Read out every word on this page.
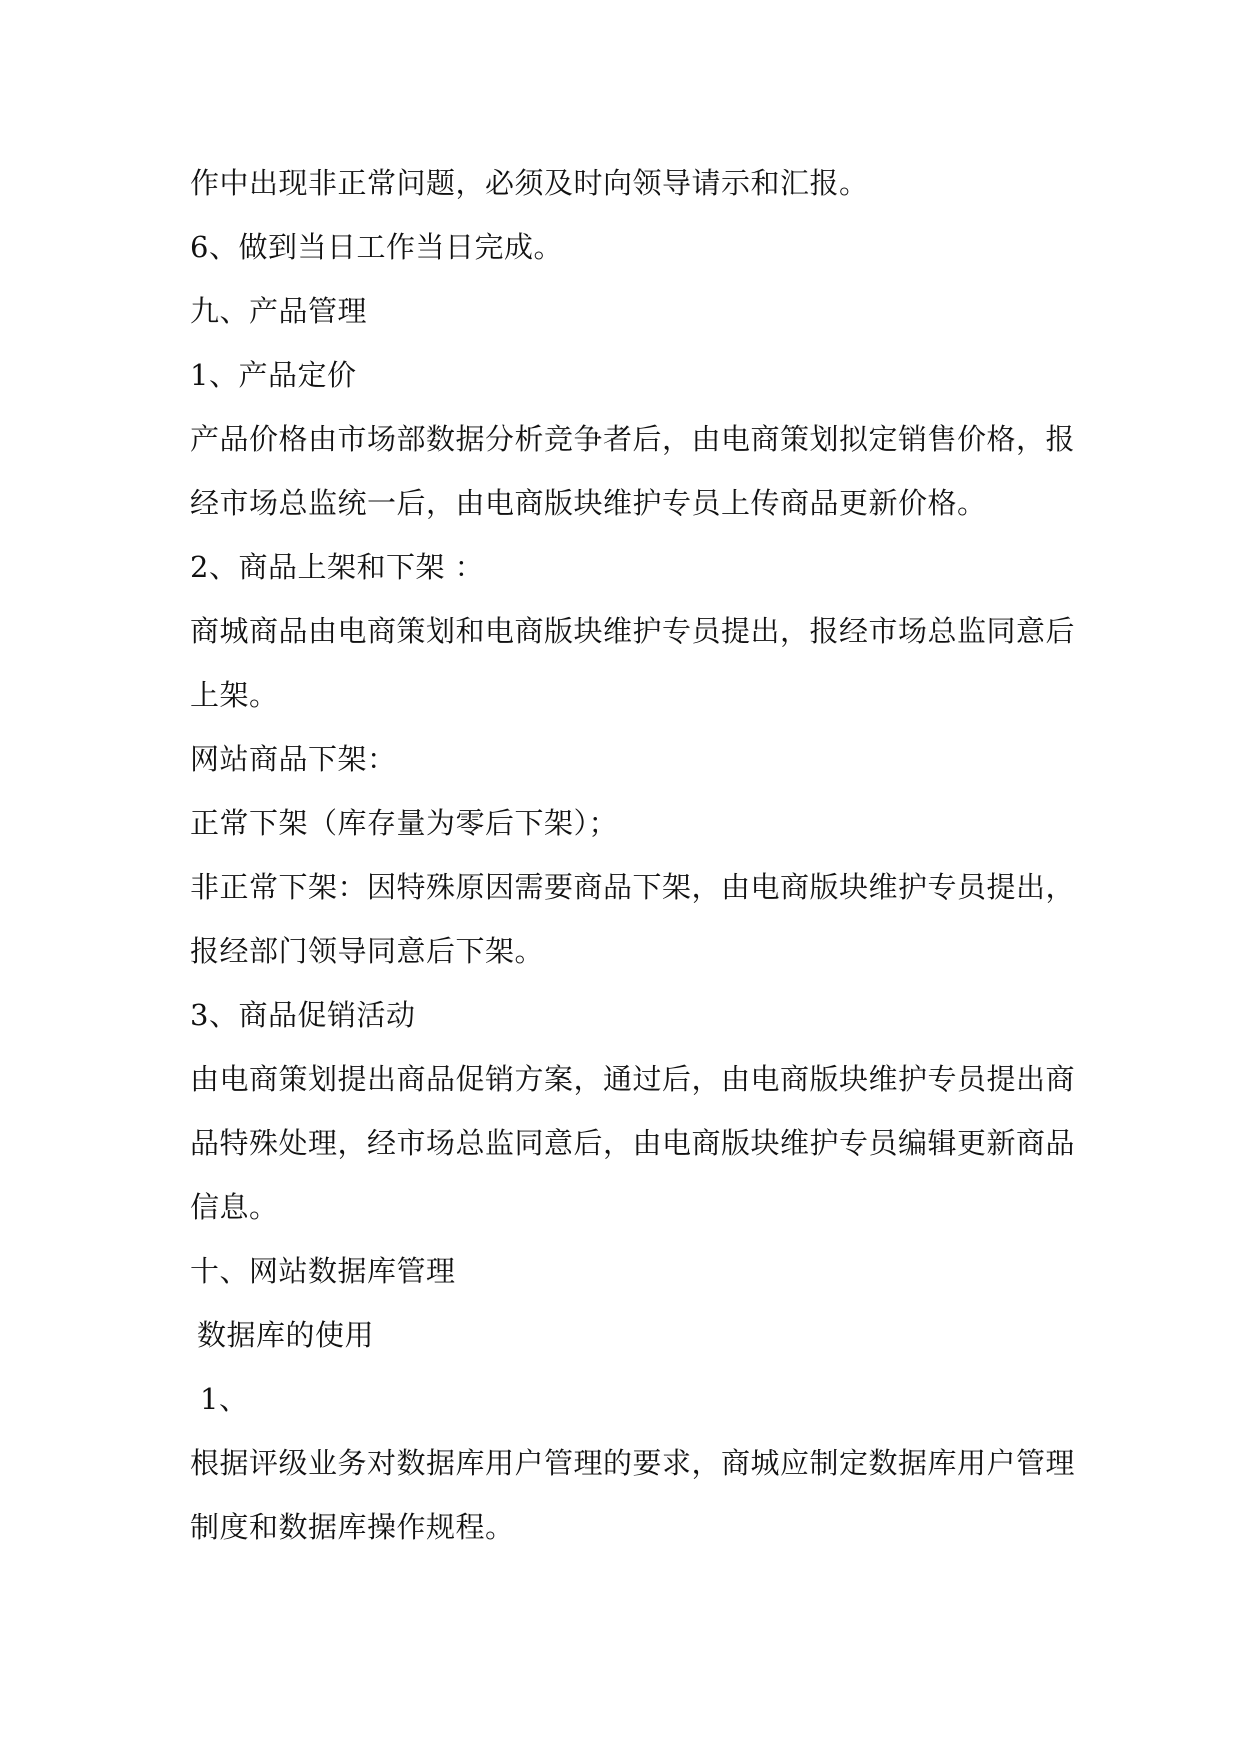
作中出现非正常问题，必须及时向领导请示和汇报。
6、做到当日工作当日完成。
九、产品管理
1、产品定价
产品价格由市场部数据分析竞争者后，由电商策划拟定销售价格，报
经市场总监统一后，由电商版块维护专员上传商品更新价格。
2、商品上架和下架 ：
商城商品由电商策划和电商版块维护专员提出，报经市场总监同意后
上架。
网站商品下架：
正常下架（库存量为零后下架）；
非正常下架：因特殊原因需要商品下架，由电商版块维护专员提出，
报经部门领导同意后下架。
3、商品促销活动
由电商策划提出商品促销方案，通过后，由电商版块维护专员提出商
品特殊处理，经市场总监同意后，由电商版块维护专员编辑更新商品
信息。
十、网站数据库管理
数据库的使用
1、
根据评级业务对数据库用户管理的要求，商城应制定数据库用户管理
制度和数据库操作规程。
